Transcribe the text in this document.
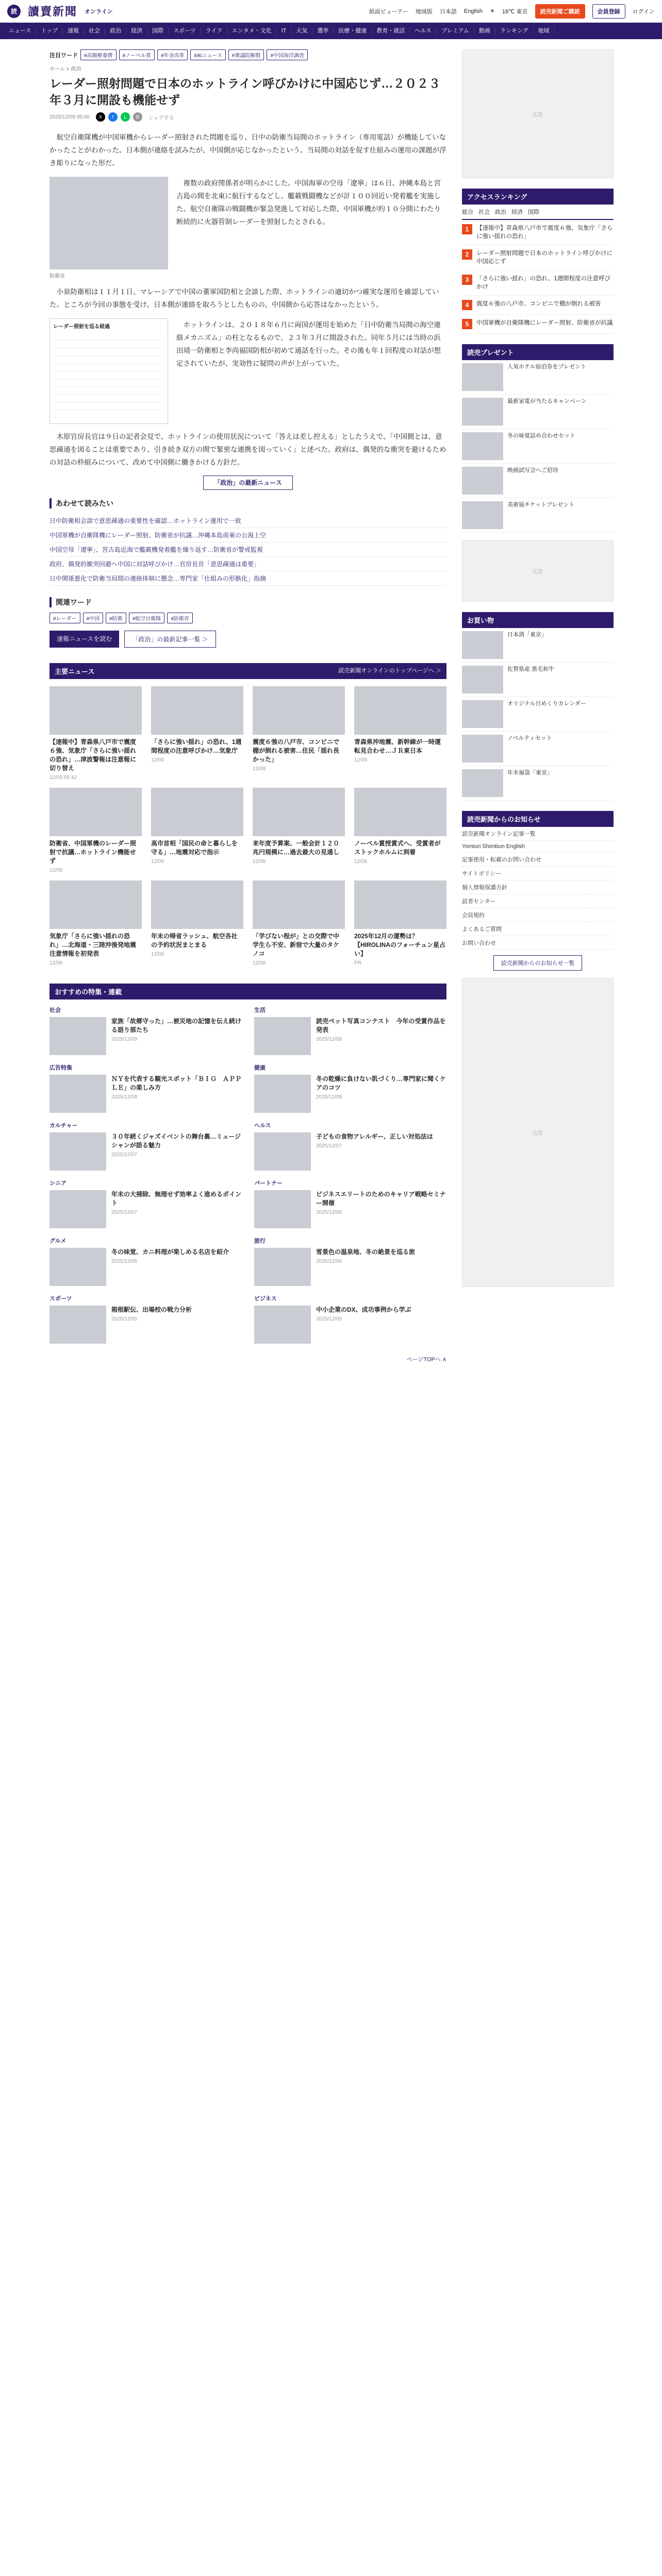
読 讀賣新聞 オンライン	紙面ビューアー 地域版 日本語 English ☀ 18℃ 東京	読売新聞ご購読	会員登録	ログイン
ニュース	トップ	速報	社会	政治	経済	国際	スポーツ	ライフ	エンタメ・文化	IT	天気	選挙	医療・健康	教育・就活	ヘルス	プレミアム	動画	ランキング	地域
注目ワード	#高額療養費	#ノーベル賞	#年金改革	#AIニュース	#衆議院解散	#中国海洋調査
ホーム > 政治
レーダー照射問題で日本のホットライン呼びかけに中国応じず…２０２３年３月に開設も機能せず
2025/12/09 05:00	X	f	L	B	シェアする

航空自衛隊機が中国軍機からレーダー照射された問題を巡り、日中の防衛当局間のホットライン（専用電話）が機能していなかったことがわかった。日本側が連絡を試みたが、中国側が応じなかったという。当局間の対話を促す仕組みの運用の課題が浮き彫りになった形だ。

防衛省

複数の政府関係者が明らかにした。中国海軍の空母「遼寧」は６日、沖縄本島と宮古島の間を北東に航行するなどし、艦載戦闘機などが計１００回近い発着艦を実施した。航空自衛隊の戦闘機が緊急発進して対応した際、中国軍機が約１０分間にわたり断続的に火器管制レーダーを照射したとされる。

小泉防衛相は１１月１日、マレーシアで中国の董軍国防相と会談した際、ホットラインの適切かつ確実な運用を確認していた。ところが今回の事態を受け、日本側が連絡を取ろうとしたものの、中国側から応答はなかったという。

レーダー照射を巡る経過	ホットラインは、２０１８年６月に両国が運用を始めた「日中防衛当局間の海空連絡メカニズム」の柱となるもので、２３年３月に開設された。同年５月には当時の浜田靖一防衛相と李尚福国防相が初めて通話を行った。その後も年１回程度の対話が想定されていたが、実効性に疑問の声が上がっていた。

木原官房長官は９日の記者会見で、ホットラインの使用状況について「答えは差し控える」としたうえで、「中国側とは、意思疎通を図ることは重要であり、引き続き双方の間で緊密な連携を図っていく」と述べた。政府は、偶発的な衝突を避けるための対話の枠組みについて、改めて中国側に働きかける方針だ。

「政治」の最新ニュース
あわせて読みたい
日中防衛相会談で意思疎通の重要性を確認…ホットライン運用で一致
中国軍機が自衛隊機にレーダー照射、防衛省が抗議…沖縄本島南東の公海上空
中国空母「遼寧」、宮古島近海で艦載機発着艦を繰り返す…防衛省が警戒監視
政府、偶発的衝突回避へ中国に対話呼びかけ…官房長官「意思疎通は重要」
日中関係悪化で防衛当局間の連絡体制に懸念…専門家「仕組みの形骸化」指摘
関連ワード
#レーダー	#中国	#防衛	#航空自衛隊	#防衛省
速報ニュースを読む	「政治」の最新記事一覧 ＞
主要ニュース	読売新聞オンラインのトップページへ ＞
【速報中】青森県八戸市で震度６強、気象庁「さらに強い揺れの恐れ」…津波警報は注意報に切り替え
12/09 05:42
「さらに強い揺れ」の恐れ、1週間程度の注意呼びかけ…気象庁
12/09
震度６強の八戸市、コンビニで棚が倒れる被害…住民「揺れ長かった」
12/09
青森県沖地震、新幹線が一時運転見合わせ…ＪＲ東日本
12/09
防衛省、中国軍機のレーダー照射で抗議…ホットライン機能せず
12/09
高市首相「国民の命と暮らしを守る」…地震対応で指示
12/09
来年度予算案、一般会計１２０兆円規模に…過去最大の見通し
12/08
ノーベル賞授賞式へ、受賞者がストックホルムに到着
12/08
気象庁「さらに強い揺れの恐れ」…北海道・三陸沖後発地震注意情報を初発表
12/09
年末の帰省ラッシュ、航空各社の予約状況まとまる
12/08
「学びない程が」との交際で中学生ら不安、新宿で大量のタケノコ
12/08
2025年12月の運勢は？【HIROLINAのフォーチュン星占い】
PR
おすすめの特集・連載
社会
家族「故郷守った」…被災地の記憶を伝え続ける語り部たち
2025/12/09
生活
読売ペット写真コンテスト　今年の受賞作品を発表
2025/12/08
広告特集
ＮＹを代表する観光スポット「ＢＩＧ　ＡＰＰＬＥ」の楽しみ方
2025/12/08
健康
冬の乾燥に負けない肌づくり…専門家に聞くケアのコツ
2025/12/08
カルチャー
３０年続くジャズイベントの舞台裏…ミュージシャンが語る魅力
2025/12/07
ヘルス
子どもの食物アレルギー、正しい対処法は
2025/12/07
シニア
年末の大掃除、無理せず効率よく進めるポイント
2025/12/07
パートナー
ビジネスエリートのためのキャリア戦略セミナー開催
2025/12/06
グルメ
冬の味覚、カニ料理が楽しめる名店を紹介
2025/12/06
旅行
雪景色の温泉地、冬の絶景を巡る旅
2025/12/06
スポーツ
箱根駅伝、出場校の戦力分析
2025/12/05
ビジネス
中小企業のDX、成功事例から学ぶ
2025/12/05
ページTOPへ ∧
広告
アクセスランキング
総合 社会 政治 経済 国際
1	【速報中】青森県八戸市で震度６強、気象庁「さらに強い揺れの恐れ」
2	レーダー照射問題で日本のホットライン呼びかけに中国応じず
3	「さらに強い揺れ」の恐れ、1週間程度の注意呼びかけ
4	震度６強の八戸市、コンビニで棚が倒れる被害
5	中国軍機が自衛隊機にレーダー照射、防衛省が抗議
読売プレゼント
人気ホテル宿泊券をプレゼント
最新家電が当たるキャンペーン
冬の味覚詰め合わせセット
映画試写会へご招待
美術展チケットプレゼント
広告
お買い物
日本酒「東京」
佐賀県産 黒毛和牛
オリジナル日めくりカレンダー
ノベルティセット
年末福袋「東京」
読売新聞からのお知らせ
読売新聞オンライン記事一覧
Yomiuri Shimbun English
記事使用・転載のお問い合わせ
サイトポリシー
個人情報保護方針
読者センター
会員規約
よくあるご質問
お問い合わせ
読売新聞からのお知らせ一覧
広告
